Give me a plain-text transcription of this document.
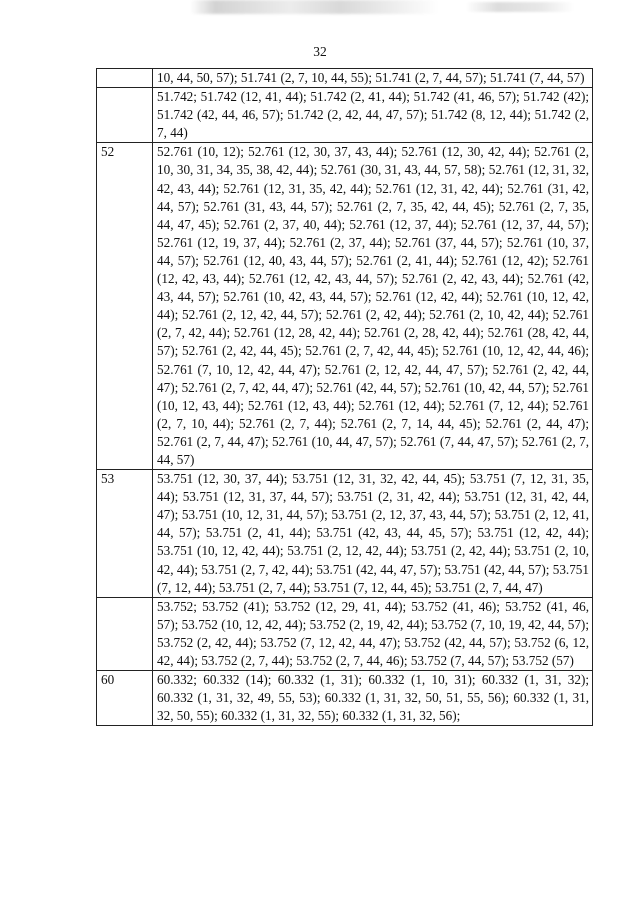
32
	10, 44, 50, 57); 51.741 (2, 7, 10, 44, 55); 51.741 (2, 7, 44, 57); 51.741 (7, 44, 57)
	51.742; 51.742 (12, 41, 44); 51.742 (2, 41, 44); 51.742 (41, 46, 57); 51.742 (42); 51.742 (42, 44, 46, 57); 51.742 (2, 42, 44, 47, 57); 51.742 (8, 12, 44); 51.742 (2, 7, 44)
52	52.761 (10, 12); 52.761 (12, 30, 37, 43, 44); 52.761 (12, 30, 42, 44); 52.761 (2, 10, 30, 31, 34, 35, 38, 42, 44); 52.761 (30, 31, 43, 44, 57, 58); 52.761 (12, 31, 32, 42, 43, 44); 52.761 (12, 31, 35, 42, 44); 52.761 (12, 31, 42, 44); 52.761 (31, 42, 44, 57); 52.761 (31, 43, 44, 57); 52.761 (2, 7, 35, 42, 44, 45); 52.761 (2, 7, 35, 44, 47, 45); 52.761 (2, 37, 40, 44); 52.761 (12, 37, 44); 52.761 (12, 37, 44, 57); 52.761 (12, 19, 37, 44); 52.761 (2, 37, 44); 52.761 (37, 44, 57); 52.761 (10, 37, 44, 57); 52.761 (12, 40, 43, 44, 57); 52.761 (2, 41, 44); 52.761 (12, 42); 52.761 (12, 42, 43, 44); 52.761 (12, 42, 43, 44, 57); 52.761 (2, 42, 43, 44); 52.761 (42, 43, 44, 57); 52.761 (10, 42, 43, 44, 57); 52.761 (12, 42, 44); 52.761 (10, 12, 42, 44); 52.761 (2, 12, 42, 44, 57); 52.761 (2, 42, 44); 52.761 (2, 10, 42, 44); 52.761 (2, 7, 42, 44); 52.761 (12, 28, 42, 44); 52.761 (2, 28, 42, 44); 52.761 (28, 42, 44, 57); 52.761 (2, 42, 44, 45); 52.761 (2, 7, 42, 44, 45); 52.761 (10, 12, 42, 44, 46); 52.761 (7, 10, 12, 42, 44, 47); 52.761 (2, 12, 42, 44, 47, 57); 52.761 (2, 42, 44, 47); 52.761 (2, 7, 42, 44, 47); 52.761 (42, 44, 57); 52.761 (10, 42, 44, 57); 52.761 (10, 12, 43, 44); 52.761 (12, 43, 44); 52.761 (12, 44); 52.761 (7, 12, 44); 52.761 (2, 7, 10, 44); 52.761 (2, 7, 44); 52.761 (2, 7, 14, 44, 45); 52.761 (2, 44, 47); 52.761 (2, 7, 44, 47); 52.761 (10, 44, 47, 57); 52.761 (7, 44, 47, 57); 52.761 (2, 7, 44, 57)
53	53.751 (12, 30, 37, 44); 53.751 (12, 31, 32, 42, 44, 45); 53.751 (7, 12, 31, 35, 44); 53.751 (12, 31, 37, 44, 57); 53.751 (2, 31, 42, 44); 53.751 (12, 31, 42, 44, 47); 53.751 (10, 12, 31, 44, 57); 53.751 (2, 12, 37, 43, 44, 57); 53.751 (2, 12, 41, 44, 57); 53.751 (2, 41, 44); 53.751 (42, 43, 44, 45, 57); 53.751 (12, 42, 44); 53.751 (10, 12, 42, 44); 53.751 (2, 12, 42, 44); 53.751 (2, 42, 44); 53.751 (2, 10, 42, 44); 53.751 (2, 7, 42, 44); 53.751 (42, 44, 47, 57); 53.751 (42, 44, 57); 53.751 (7, 12, 44); 53.751 (2, 7, 44); 53.751 (7, 12, 44, 45); 53.751 (2, 7, 44, 47)
	53.752; 53.752 (41); 53.752 (12, 29, 41, 44); 53.752 (41, 46); 53.752 (41, 46, 57); 53.752 (10, 12, 42, 44); 53.752 (2, 19, 42, 44); 53.752 (7, 10, 19, 42, 44, 57); 53.752 (2, 42, 44); 53.752 (7, 12, 42, 44, 47); 53.752 (42, 44, 57); 53.752 (6, 12, 42, 44); 53.752 (2, 7, 44); 53.752 (2, 7, 44, 46); 53.752 (7, 44, 57); 53.752 (57)
60	60.332; 60.332 (14); 60.332 (1, 31); 60.332 (1, 10, 31); 60.332 (1, 31, 32); 60.332 (1, 31, 32, 49, 55, 53); 60.332 (1, 31, 32, 50, 51, 55, 56); 60.332 (1, 31, 32, 50, 55); 60.332 (1, 31, 32, 55); 60.332 (1, 31, 32, 56);
